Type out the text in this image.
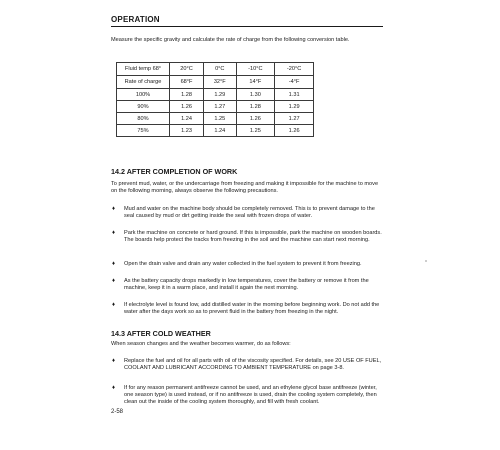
OPERATION
Measure the specific gravity and calculate the rate of charge from the following conversion table.
Fluid temp 68°	20°C	0°C	-10°C	-20°C
Rate of charge	68°F	32°F	14°F	-4°F
100%	1.28	1.29	1.30	1.31
90%	1.26	1.27	1.28	1.29
80%	1.24	1.25	1.26	1.27
75%	1.23	1.24	1.25	1.26
14.2 AFTER COMPLETION OF WORK
To prevent mud, water, or the undercarriage from freezing and making it impossible for the machine to move on the following morning, always observe the following precautions.
♦ Mud and water on the machine body should be completely removed. This is to prevent damage to the seal caused by mud or dirt getting inside the seal with frozen drops of water.
♦ Park the machine on concrete or hard ground. If this is impossible, park the machine on wooden boards. The boards help protect the tracks from freezing in the soil and the machine can start next morning.
♦ Open the drain valve and drain any water collected in the fuel system to prevent it from freezing.
♦ As the battery capacity drops markedly in low temperatures, cover the battery or remove it from the machine, keep it in a warm place, and install it again the next morning.
♦ If electrolyte level is found low, add distilled water in the morning before beginning work. Do not add the water after the days work so as to prevent fluid in the battery from freezing in the night.
14.3 AFTER COLD WEATHER
When season changes and the weather becomes warmer, do as follows:
♦ Replace the fuel and oil for all parts with oil of the viscosity specified. For details, see 20 USE OF FUEL, COOLANT AND LUBRICANT ACCORDING TO AMBIENT TEMPERATURE on page 3-8.
♦ If for any reason permanent antifreeze cannot be used, and an ethylene glycol base antifreeze (winter, one season type) is used instead, or if no antifreeze is used, drain the cooling system completely, then clean out the inside of the cooling system thoroughly, and fill with fresh coolant.
2-58
